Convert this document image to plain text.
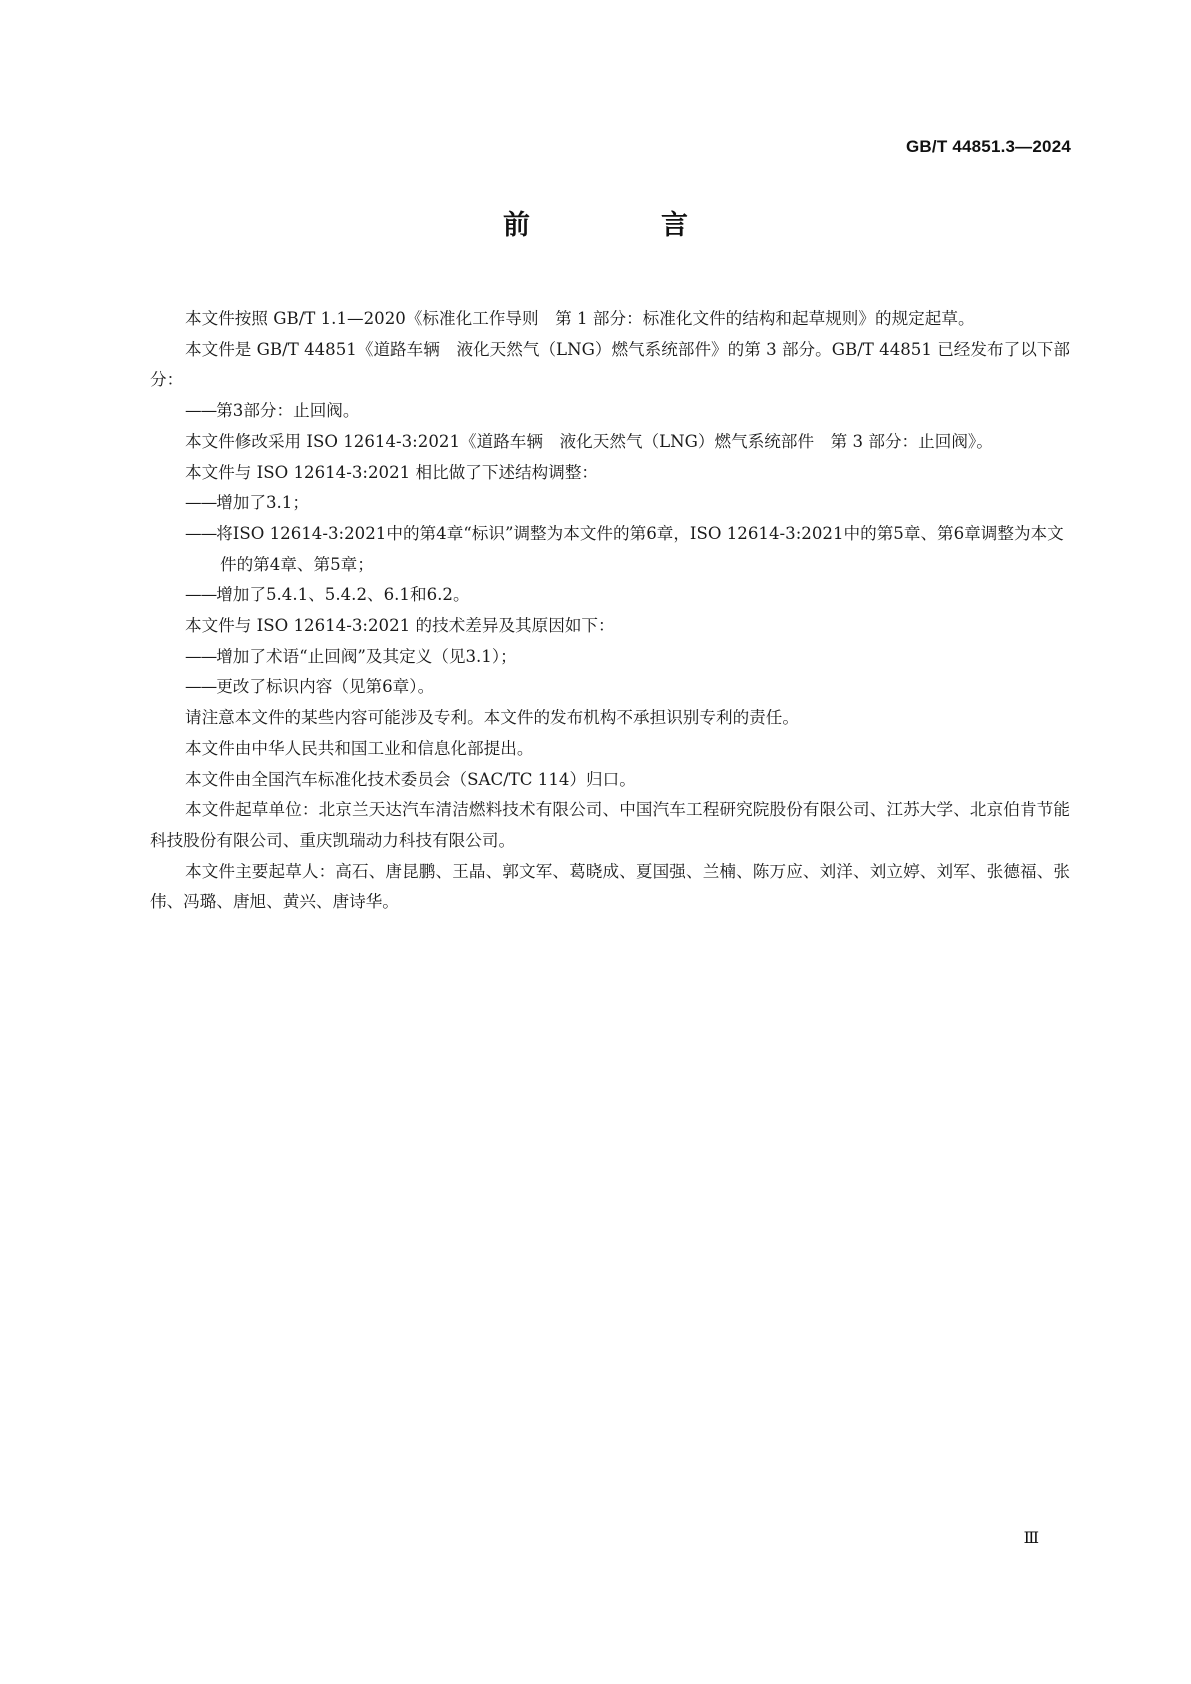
GB/T 44851.3—2024
前　言

本文件按照 GB/T 1.1—2020《标准化工作导则　第 1 部分：标准化文件的结构和起草规则》的规定起草。

本文件是 GB/T 44851《道路车辆　液化天然气（LNG）燃气系统部件》的第 3 部分。GB/T 44851 已经发布了以下部分：

—— 第3部分：止回阀。

本文件修改采用 ISO 12614-3:2021《道路车辆　液化天然气（LNG）燃气系统部件　第 3 部分：止回阀》。

本文件与 ISO 12614-3:2021 相比做了下述结构调整：

—— 增加了3.1；

—— 将ISO 12614-3:2021中的第4章“标识”调整为本文件的第6章，ISO 12614-3:2021中的第5章、第6章调整为本文件的第4章、第5章；

—— 增加了5.4.1、5.4.2、6.1和6.2。

本文件与 ISO 12614-3:2021 的技术差异及其原因如下：

—— 增加了术语“止回阀”及其定义（见3.1）；

—— 更改了标识内容（见第6章）。

请注意本文件的某些内容可能涉及专利。本文件的发布机构不承担识别专利的责任。

本文件由中华人民共和国工业和信息化部提出。

本文件由全国汽车标准化技术委员会（SAC/TC 114）归口。

本文件起草单位：北京兰天达汽车清洁燃料技术有限公司、中国汽车工程研究院股份有限公司、江苏大学、北京伯肯节能科技股份有限公司、重庆凯瑞动力科技有限公司。

本文件主要起草人：高石、唐昆鹏、王晶、郭文军、葛晓成、夏国强、兰楠、陈万应、刘洋、刘立婷、刘军、张德福、张伟、冯璐、唐旭、黄兴、唐诗华。

Ⅲ
